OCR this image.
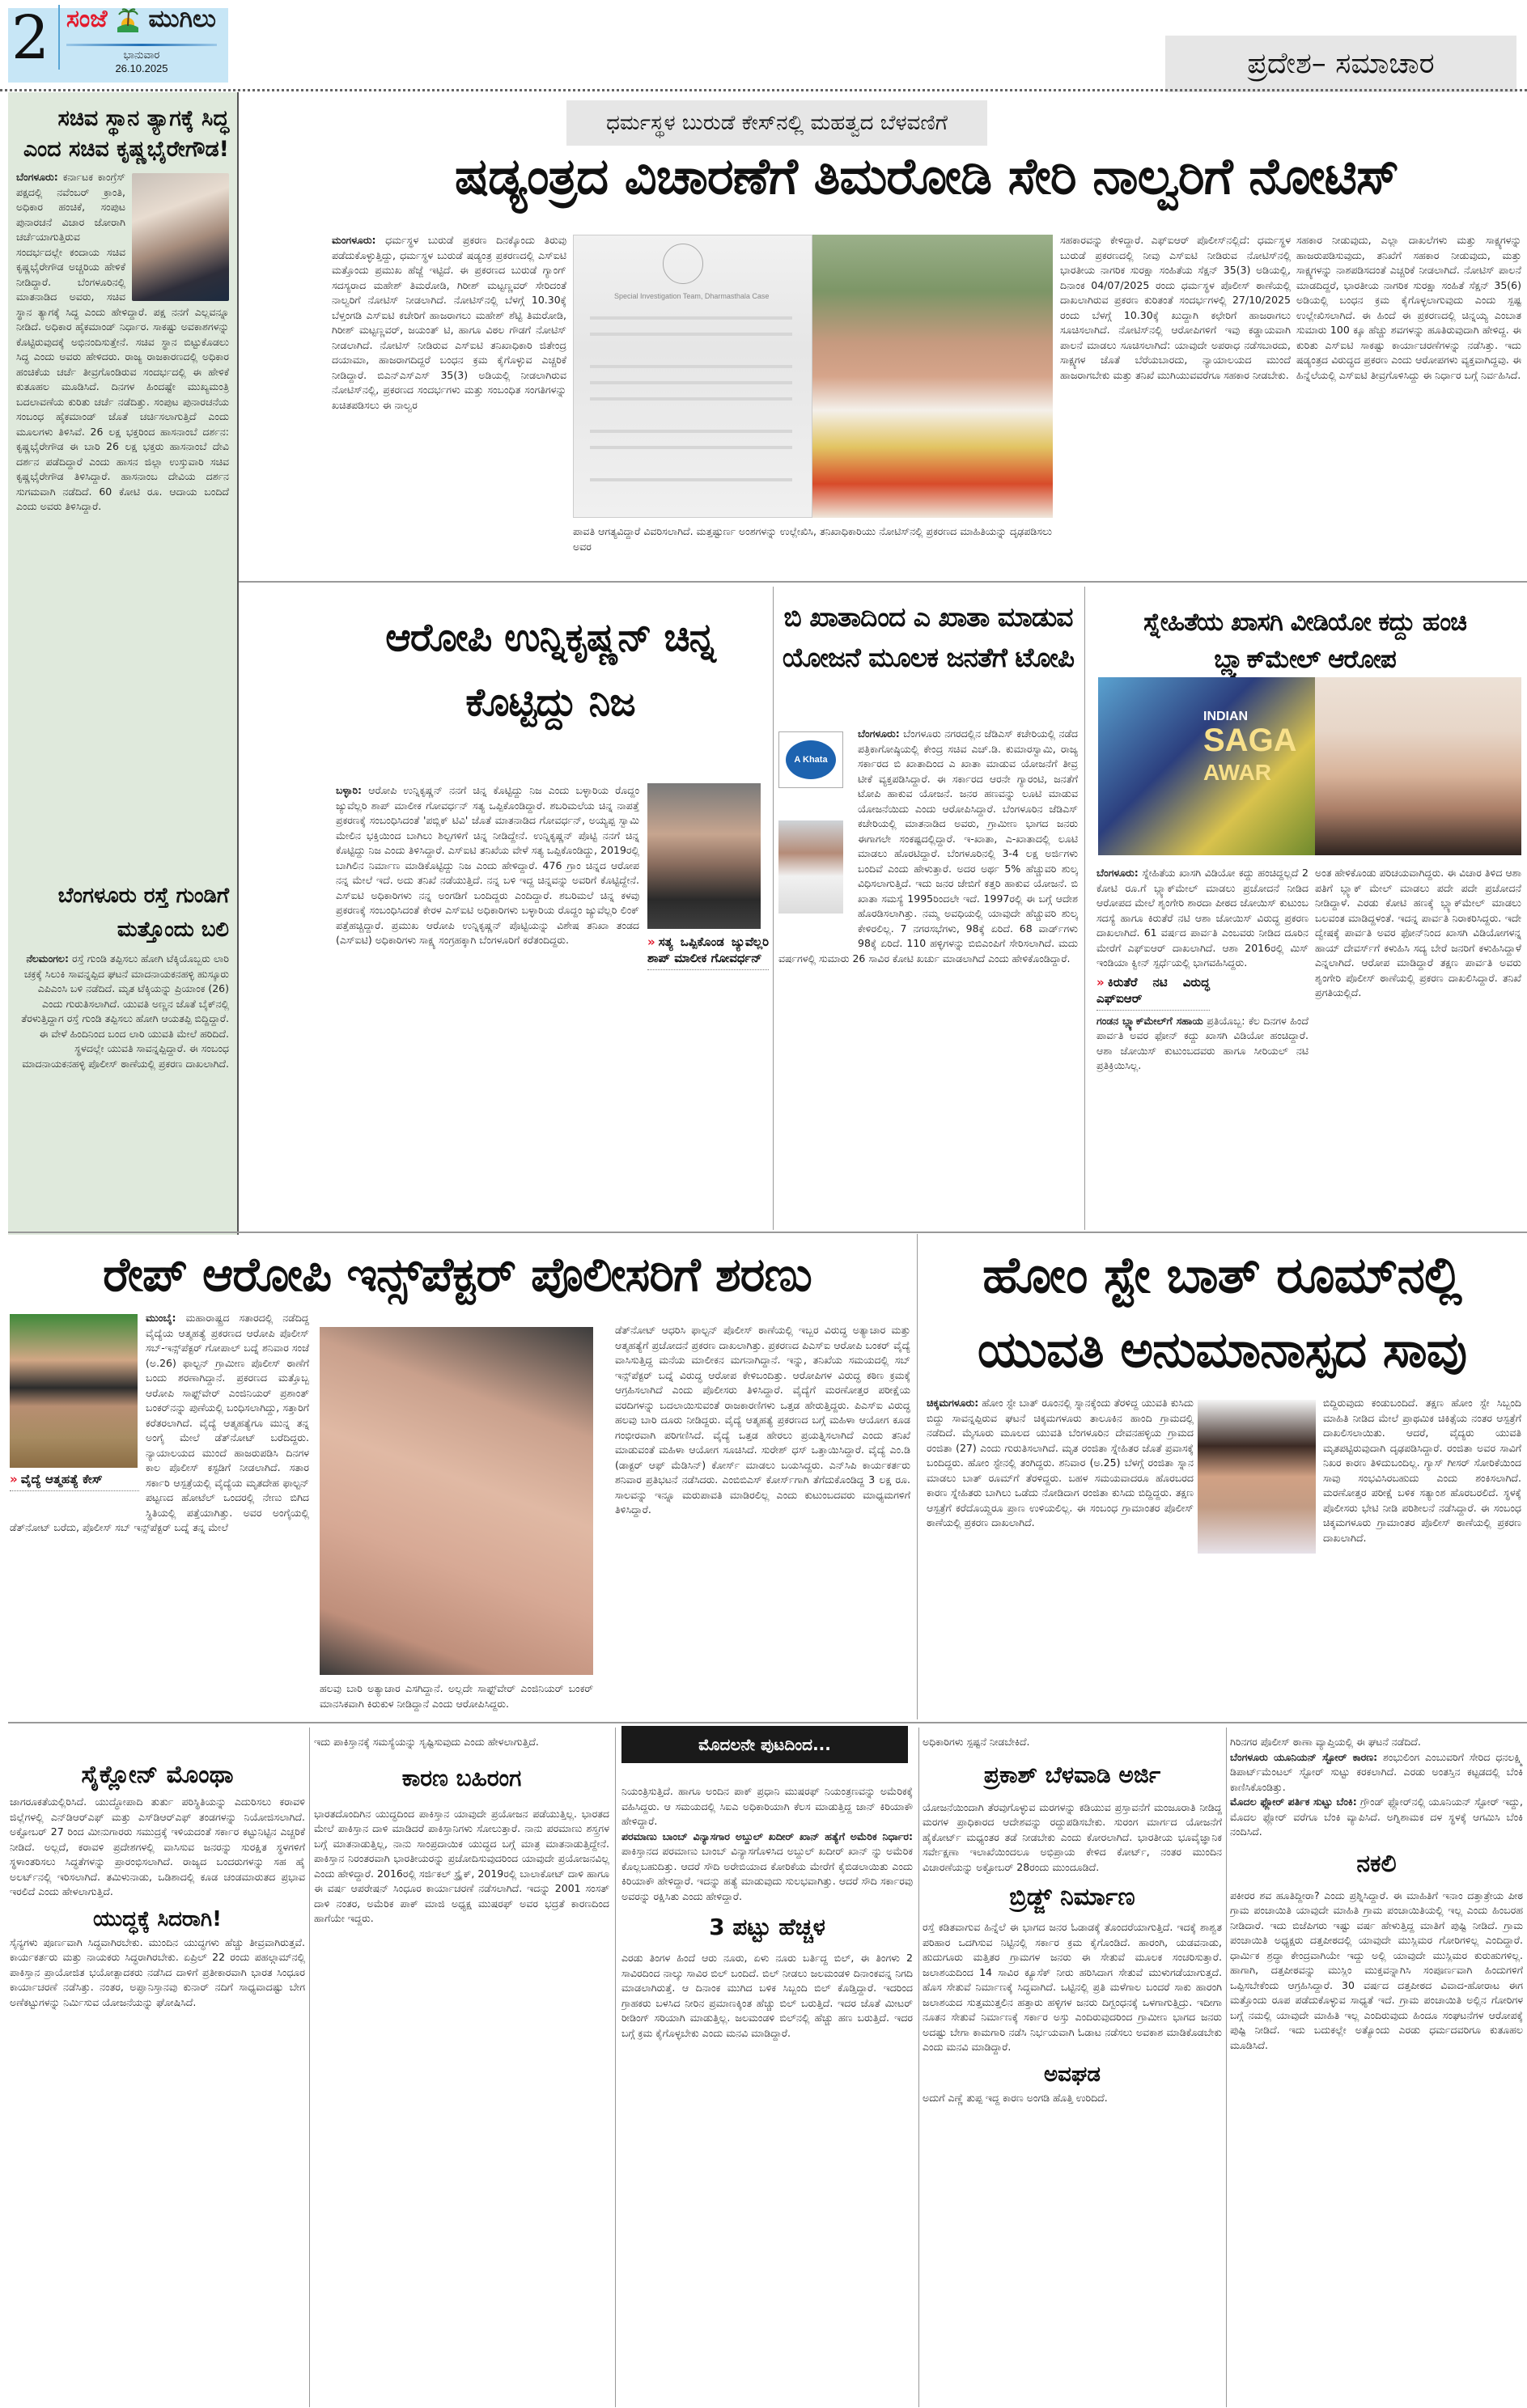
2 ಸಂಜೆ ಮುಗಿಲು
ಭಾನುವಾರ
26.10.2025	ಪ್ರದೇಶ– ಸಮಾಚಾರ
ಸಚಿವ ಸ್ಥಾನ ತ್ಯಾಗಕ್ಕೆ ಸಿದ್ಧ ಎಂದ ಸಚಿವ ಕೃಷ್ಣಭೈರೇಗೌಡ!
ಬೆಂಗಳೂರು: ಕರ್ನಾಟಕ ಕಾಂಗ್ರೆಸ್ ಪಕ್ಷದಲ್ಲಿ ನವೆಂಬರ್ ಕ್ರಾಂತಿ, ಅಧಿಕಾರ ಹಂಚಿಕೆ, ಸಂಪುಟ ಪುನಾರಚನೆ ವಿಚಾರ ಜೋರಾಗಿ ಚರ್ಚೆಯಾಗುತ್ತಿರುವ ಸಂದರ್ಭದಲ್ಲೇ ಕಂದಾಯ ಸಚಿವ ಕೃಷ್ಣಭೈರೇಗೌಡ ಅಚ್ಚರಿಯ ಹೇಳಿಕೆ ನೀಡಿದ್ದಾರೆ. ಬೆಂಗಳೂರಿನಲ್ಲಿ ಮಾತನಾಡಿದ ಅವರು, ಸಚಿವ ಸ್ಥಾನ ತ್ಯಾಗಕ್ಕೆ ಸಿದ್ಧ ಎಂದು ಹೇಳಿದ್ದಾರೆ. ಪಕ್ಷ ನನಗೆ ಎಲ್ಲವನ್ನೂ ನೀಡಿದೆ. ಅಧಿಕಾರ ಹೈಕಮಾಂಡ್ ನಿರ್ಧಾರ. ಸಾಕಷ್ಟು ಅವಕಾಶಗಳನ್ನು ಕೊಟ್ಟಿರುವುದಕ್ಕೆ ಅಭಿನಂದಿಸುತ್ತೇನೆ. ಸಚಿವ ಸ್ಥಾನ ಬಿಟ್ಟುಕೊಡಲು ಸಿದ್ಧ ಎಂದು ಅವರು ಹೇಳಿದರು. ರಾಜ್ಯ ರಾಜಕಾರಣದಲ್ಲಿ ಅಧಿಕಾರ ಹಂಚಿಕೆಯ ಚರ್ಚೆ ತೀವ್ರಗೊಂಡಿರುವ ಸಂದರ್ಭದಲ್ಲಿ ಈ ಹೇಳಿಕೆ ಕುತೂಹಲ ಮೂಡಿಸಿದೆ. ದಿನಗಳ ಹಿಂದಷ್ಟೇ ಮುಖ್ಯಮಂತ್ರಿ ಬದಲಾವಣೆಯ ಕುರಿತು ಚರ್ಚೆ ನಡೆದಿತ್ತು. ಸಂಪುಟ ಪುನಾರಚನೆಯ ಸಂಬಂಧ ಹೈಕಮಾಂಡ್ ಜೊತೆ ಚರ್ಚಿಸಲಾಗುತ್ತಿದೆ ಎಂದು ಮೂಲಗಳು ತಿಳಿಸಿವೆ. 26 ಲಕ್ಷ ಭಕ್ತರಿಂದ ಹಾಸನಾಂಬೆ ದರ್ಶನ: ಕೃಷ್ಣಭೈರೇಗೌಡ ಈ ಬಾರಿ 26 ಲಕ್ಷ ಭಕ್ತರು ಹಾಸನಾಂಬೆ ದೇವಿ ದರ್ಶನ ಪಡೆದಿದ್ದಾರೆ ಎಂದು ಹಾಸನ ಜಿಲ್ಲಾ ಉಸ್ತುವಾರಿ ಸಚಿವ ಕೃಷ್ಣಭೈರೇಗೌಡ ತಿಳಿಸಿದ್ದಾರೆ. ಹಾಸನಾಂಬ ದೇವಿಯ ದರ್ಶನ ಸುಗಮವಾಗಿ ನಡೆದಿದೆ. 60 ಕೋಟಿ ರೂ. ಆದಾಯ ಬಂದಿದೆ ಎಂದು ಅವರು ತಿಳಿಸಿದ್ದಾರೆ.
ಬೆಂಗಳೂರು ರಸ್ತೆ ಗುಂಡಿಗೆ ಮತ್ತೊಂದು ಬಲಿ
ನೆಲಮಂಗಲ: ರಸ್ತೆ ಗುಂಡಿ ತಪ್ಪಿಸಲು ಹೋಗಿ ಟೆಕ್ಕಿಯೊಬ್ಬರು ಲಾರಿ ಚಕ್ರಕ್ಕೆ ಸಿಲುಕಿ ಸಾವನ್ನಪ್ಪಿದ ಘಟನೆ ಮಾದನಾಯಕನಹಳ್ಳಿ ಹುಸ್ಕೂರು ಎಪಿಎಂಸಿ ಬಳಿ ನಡೆದಿದೆ. ಮೃತ ಟೆಕ್ಕಿಯನ್ನು ಪ್ರಿಯಾಂಕ (26) ಎಂದು ಗುರುತಿಸಲಾಗಿದೆ. ಯುವತಿ ಅಣ್ಣನ ಜೊತೆ ಬೈಕ್‌ನಲ್ಲಿ ತೆರಳುತ್ತಿದ್ದಾಗ ರಸ್ತೆ ಗುಂಡಿ ತಪ್ಪಿಸಲು ಹೋಗಿ ಆಯತಪ್ಪಿ ಬಿದ್ದಿದ್ದಾರೆ. ಈ ವೇಳೆ ಹಿಂದಿನಿಂದ ಬಂದ ಲಾರಿ ಯುವತಿ ಮೇಲೆ ಹರಿದಿದೆ. ಸ್ಥಳದಲ್ಲೇ ಯುವತಿ ಸಾವನ್ನಪ್ಪಿದ್ದಾರೆ. ಈ ಸಂಬಂಧ ಮಾದನಾಯಕನಹಳ್ಳಿ ಪೊಲೀಸ್ ಠಾಣೆಯಲ್ಲಿ ಪ್ರಕರಣ ದಾಖಲಾಗಿದೆ.
ಧರ್ಮಸ್ಥಳ ಬುರುಡೆ ಕೇಸ್‌ನಲ್ಲಿ ಮಹತ್ವದ ಬೆಳವಣಿಗೆ
ಷಡ್ಯಂತ್ರದ ವಿಚಾರಣೆಗೆ ತಿಮರೋಡಿ ಸೇರಿ ನಾಲ್ವರಿಗೆ ನೋಟಿಸ್
ಮಂಗಳೂರು: ಧರ್ಮಸ್ಥಳ ಬುರುಡೆ ಪ್ರಕರಣ ದಿನಕ್ಕೊಂದು ತಿರುವು ಪಡೆದುಕೊಳ್ಳುತ್ತಿದ್ದು, ಧರ್ಮಸ್ಥಳ ಬುರುಡೆ ಷಡ್ಯಂತ್ರ ಪ್ರಕರಣದಲ್ಲಿ ಎಸ್‌ಐಟಿ ಮತ್ತೊಂದು ಪ್ರಮುಖ ಹೆಜ್ಜೆ ಇಟ್ಟಿದೆ. ಈ ಪ್ರಕರಣದ ಬುರುಡೆ ಗ್ಯಾಂಗ್ ಸದಸ್ಯರಾದ ಮಹೇಶ್ ತಿಮರೋಡಿ, ಗಿರೀಶ್ ಮಟ್ಟಣ್ಣವರ್ ಸೇರಿದಂತೆ ನಾಲ್ವರಿಗೆ ನೋಟಿಸ್ ನೀಡಲಾಗಿದೆ. ನೋಟಿಸ್‌ನಲ್ಲಿ ಬೆಳಗ್ಗೆ 10.30ಕ್ಕೆ ಬೆಳ್ತಂಗಡಿ ಎಸ್‌ಐಟಿ ಕಚೇರಿಗೆ ಹಾಜರಾಗಲು ಮಹೇಶ್ ಶೆಟ್ಟಿ ತಿಮರೋಡಿ, ಗಿರೀಶ್ ಮಟ್ಟಣ್ಣವರ್, ಜಯಂತ್ ಟಿ, ಹಾಗೂ ವಿಠಲ ಗೌಡಗೆ ನೋಟಿಸ್ ನೀಡಲಾಗಿದೆ. ನೋಟಿಸ್ ನೀಡಿರುವ ಎಸ್‌ಐಟಿ ತನಿಖಾಧಿಕಾರಿ ಜಿತೇಂದ್ರ ದಯಾಮಾ, ಹಾಜರಾಗದಿದ್ದರೆ ಬಂಧನ ಕ್ರಮ ಕೈಗೊಳ್ಳುವ ಎಚ್ಚರಿಕೆ ನೀಡಿದ್ದಾರೆ. ಬಿಎನ್‌ಎಸ್‌ಎಸ್ 35(3) ಅಡಿಯಲ್ಲಿ ನೀಡಲಾಗಿರುವ ನೋಟಿಸ್‌ನಲ್ಲಿ, ಪ್ರಕರಣದ ಸಂದರ್ಭಗಳು ಮತ್ತು ಸಂಬಂಧಿತ ಸಂಗತಿಗಳನ್ನು ಖಚಿತಪಡಿಸಲು ಈ ನಾಲ್ವರ
Special Investigation Team, Dharmasthala Case
ಪಾವತಿ ಆಗತ್ಯವಿದ್ದಾರೆ ವಿವರಿಸಲಾಗಿದೆ. ಮತ್ತಷ್ಟುರ್ಣ ಅಂಶಗಳನ್ನು ಉಲ್ಲೇಖಿಸಿ, ತನಿಖಾಧಿಕಾರಿಯು ನೋಟಿಸ್‌ನಲ್ಲಿ ಪ್ರಕರಣದ ಮಾಹಿತಿಯನ್ನು ದೃಢಪಡಿಸಲು ಅವರ
ಸಹಕಾರವನ್ನು ಕೇಳಿದ್ದಾರೆ. ಎಫ್‌ಐಆರ್ ಪೊಲೀಸ್‌ನಲ್ಲಿದೆ: ಧರ್ಮಸ್ಥಳ ಬುರುಡೆ ಪ್ರಕರಣದಲ್ಲಿ ನೀವು ಎಸ್‌ಐಟಿ ನೀಡಿರುವ ನೋಟಿಸ್‌ನಲ್ಲಿ ಭಾರತೀಯ ನಾಗರಿಕ ಸುರಕ್ಷಾ ಸಂಹಿತೆಯ ಸೆಕ್ಷನ್ 35(3) ಅಡಿಯಲ್ಲಿ, ದಿನಾಂಕ 04/07/2025 ರಂದು ಧರ್ಮಸ್ಥಳ ಪೊಲೀಸ್ ಠಾಣೆಯಲ್ಲಿ ದಾಖಲಾಗಿರುವ ಪ್ರಕರಣ ಕುರಿತಂತೆ ಸಂದರ್ಭಗಳಲ್ಲಿ 27/10/2025 ರಂದು ಬೆಳಗ್ಗೆ 10.30ಕ್ಕೆ ಖುದ್ದಾಗಿ ಕಛೇರಿಗೆ ಹಾಜರಾಗಲು ಸೂಚಿಸಲಾಗಿದೆ. ನೋಟಿಸ್‌ನಲ್ಲಿ ಆರೋಪಿಗಳಿಗೆ ಇವು ಕಡ್ಡಾಯವಾಗಿ ಪಾಲನೆ ಮಾಡಲು ಸೂಚಿಸಲಾಗಿದೆ: ಯಾವುದೇ ಅಪರಾಧ ನಡೆಸಬಾರದು, ಸಾಕ್ಷ್ಯಗಳ ಜೊತೆ ಬೆರೆಯಬಾರದು, ನ್ಯಾಯಾಲಯದ ಮುಂದೆ ಹಾಜರಾಗಬೇಕು ಮತ್ತು ತನಿಖೆ ಮುಗಿಯುವವರೆಗೂ ಸಹಕಾರ ನೀಡಬೇಕು.
ಸಹಕಾರ ನೀಡುವುದು, ಎಲ್ಲಾ ದಾಖಲೆಗಳು ಮತ್ತು ಸಾಕ್ಷ್ಯಗಳನ್ನು ಹಾಜರುಪಡಿಸುವುದು, ತನಿಖೆಗೆ ಸಹಕಾರ ನೀಡುವುದು, ಮತ್ತು ಸಾಕ್ಷ್ಯಗಳನ್ನು ನಾಶಪಡಿಸದಂತೆ ಎಚ್ಚರಿಕೆ ನೀಡಲಾಗಿದೆ. ನೋಟಿಸ್ ಪಾಲನೆ ಮಾಡದಿದ್ದರೆ, ಭಾರತೀಯ ನಾಗರಿಕ ಸುರಕ್ಷಾ ಸಂಹಿತೆ ಸೆಕ್ಷನ್ 35(6) ಅಡಿಯಲ್ಲಿ ಬಂಧನ ಕ್ರಮ ಕೈಗೊಳ್ಳಲಾಗುವುದು ಎಂದು ಸ್ಪಷ್ಟ ಉಲ್ಲೇಖಿಸಲಾಗಿದೆ. ಈ ಹಿಂದೆ ಈ ಪ್ರಕರಣದಲ್ಲಿ ಚಿನ್ನಯ್ಯ ಎಂಬಾತ ಸುಮಾರು 100 ಕ್ಕೂ ಹೆಚ್ಚು ಶವಗಳನ್ನು ಹೂತಿರುವುದಾಗಿ ಹೇಳಿದ್ದ. ಈ ಕುರಿತು ಎಸ್‌ಐಟಿ ಸಾಕಷ್ಟು ಕಾರ್ಯಾಚರಣೆಗಳನ್ನು ನಡೆಸಿತ್ತು. ಇದು ಷಡ್ಯಂತ್ರದ ವಿರುದ್ಧದ ಪ್ರಕರಣ ಎಂದು ಆರೋಪಗಳು ವ್ಯಕ್ತವಾಗಿದ್ದವು. ಈ ಹಿನ್ನೆಲೆಯಲ್ಲಿ ಎಸ್‌ಐಟಿ ತೀವ್ರಗೊಳಿಸಿದ್ದು ಈ ನಿರ್ಧಾರ ಬಗ್ಗೆ ನಿರ್ವಹಿಸಿದೆ.
ಆರೋಪಿ ಉನ್ನಿಕೃಷ್ಣನ್ ಚಿನ್ನ ಕೊಟ್ಟಿದ್ದು ನಿಜ
» ಸತ್ಯ ಒಪ್ಪಿಕೊಂಡ ಜ್ಯುವೆಲ್ಲರಿ ಶಾಪ್ ಮಾಲೀಕ ಗೋವರ್ಧನ್
ಬಳ್ಳಾರಿ: ಆರೋಪಿ ಉನ್ನಿಕೃಷ್ಣನ್ ನನಗೆ ಚಿನ್ನ ಕೊಟ್ಟಿದ್ದು ನಿಜ ಎಂದು ಬಳ್ಳಾರಿಯ ರೊದ್ದಂ ಜ್ಯುವೆಲ್ಲರಿ ಶಾಪ್ ಮಾಲೀಕ ಗೋವರ್ಧನ್ ಸತ್ಯ ಒಪ್ಪಿಕೊಂಡಿದ್ದಾರೆ. ಶಬರಿಮಲೆಯ ಚಿನ್ನ ನಾಪತ್ತೆ ಪ್ರಕರಣಕ್ಕೆ ಸಂಬಂಧಿಸಿದಂತೆ 'ಪಬ್ಲಿಕ್ ಟಿವಿ' ಜೊತೆ ಮಾತನಾಡಿದ ಗೋವರ್ಧನ್, ಅಯ್ಯಪ್ಪ ಸ್ವಾಮಿ ಮೇಲಿನ ಭಕ್ತಿಯಿಂದ ಬಾಗಿಲು ಶಿಲ್ಪಗಳಿಗೆ ಚಿನ್ನ ನೀಡಿದ್ದೇನೆ. ಉನ್ನಿಕೃಷ್ಣನ್ ಪೊಟ್ಟಿ ನನಗೆ ಚಿನ್ನ ಕೊಟ್ಟಿದ್ದು ನಿಜ ಎಂದು ತಿಳಿಸಿದ್ದಾರೆ. ಎಸ್‌ಐಟಿ ತನಿಖೆಯ ವೇಳೆ ಸತ್ಯ ಒಪ್ಪಿಕೊಂಡಿದ್ದು, 2019ರಲ್ಲಿ ಬಾಗಿಲಿನ ನಿರ್ಮಾಣ ಮಾಡಿಕೊಟ್ಟಿದ್ದು ನಿಜ ಎಂದು ಹೇಳಿದ್ದಾರೆ. 476 ಗ್ರಾಂ ಚಿನ್ನದ ಆರೋಪ ನನ್ನ ಮೇಲೆ ಇದೆ. ಅದು ತನಿಖೆ ನಡೆಯುತ್ತಿದೆ. ನನ್ನ ಬಳಿ ಇದ್ದ ಚಿನ್ನವನ್ನು ಅವರಿಗೆ ಕೊಟ್ಟಿದ್ದೇನೆ. ಎಸ್‌ಐಟಿ ಅಧಿಕಾರಿಗಳು ನನ್ನ ಅಂಗಡಿಗೆ ಬಂದಿದ್ದರು ಎಂದಿದ್ದಾರೆ. ಶಬರಿಮಲೆ ಚಿನ್ನ ಕಳವು ಪ್ರಕರಣಕ್ಕೆ ಸಂಬಂಧಿಸಿದಂತೆ ಕೇರಳ ಎಸ್‌ಐಟಿ ಅಧಿಕಾರಿಗಳು ಬಳ್ಳಾರಿಯ ರೊದ್ದಂ ಜ್ಯುವೆಲ್ಲರಿ ಲಿಂಕ್ ಪತ್ತೆಹಚ್ಚಿದ್ದಾರೆ. ಪ್ರಮುಖ ಆರೋಪಿ ಉನ್ನಿಕೃಷ್ಣನ್ ಪೊಟ್ಟಿಯನ್ನು ವಿಶೇಷ ತನಿಖಾ ತಂಡದ (ಎಸ್‌ಐಟಿ) ಅಧಿಕಾರಿಗಳು ಸಾಕ್ಷ್ಯ ಸಂಗ್ರಹಕ್ಕಾಗಿ ಬೆಂಗಳೂರಿಗೆ ಕರೆತಂದಿದ್ದರು.
ಬಿ ಖಾತಾದಿಂದ ಎ ಖಾತಾ ಮಾಡುವ ಯೋಜನೆ ಮೂಲಕ ಜನತೆಗೆ ಟೋಪಿ
ಬೆಂಗಳೂರು:
A Khata
ಬೆಂಗಳೂರು ನಗರದಲ್ಲಿನ ಜೆಡಿಎಸ್ ಕಚೇರಿಯಲ್ಲಿ ನಡೆದ ಪತ್ರಿಕಾಗೋಷ್ಠಿಯಲ್ಲಿ ಕೇಂದ್ರ ಸಚಿವ ಎಚ್.ಡಿ. ಕುಮಾರಸ್ವಾಮಿ, ರಾಜ್ಯ ಸರ್ಕಾರದ ಬಿ ಖಾತಾದಿಂದ ಎ ಖಾತಾ ಮಾಡುವ ಯೋಜನೆಗೆ ತೀವ್ರ ಟೀಕೆ ವ್ಯಕ್ತಪಡಿಸಿದ್ದಾರೆ. ಈ ಸರ್ಕಾರದ ಆರನೇ ಗ್ಯಾರಂಟಿ, ಜನತೆಗೆ ಟೋಪಿ ಹಾಕುವ ಯೋಜನೆ. ಜನರ ಹಣವನ್ನು ಲೂಟಿ ಮಾಡುವ ಯೋಜನೆಯಿದು ಎಂದು ಆರೋಪಿಸಿದ್ದಾರೆ. ಬೆಂಗಳೂರಿನ ಜೆಡಿಎಸ್ ಕಚೇರಿಯಲ್ಲಿ ಮಾತನಾಡಿದ ಅವರು, ಗ್ರಾಮೀಣ ಭಾಗದ ಜನರು ಈಗಾಗಲೇ ಸಂಕಷ್ಟದಲ್ಲಿದ್ದಾರೆ. ಇ-ಖಾತಾ, ಎ-ಖಾತಾದಲ್ಲಿ ಲೂಟಿ ಮಾಡಲು ಹೊರಟಿದ್ದಾರೆ. ಬೆಂಗಳೂರಿನಲ್ಲಿ 3-4 ಲಕ್ಷ ಅರ್ಜಿಗಳು ಬಂದಿವೆ ಎಂದು ಹೇಳುತ್ತಾರೆ. ಅದರ ಅರ್ಥ 5% ಹೆಚ್ಚುವರಿ ಶುಲ್ಕ ವಿಧಿಸಲಾಗುತ್ತಿದೆ. ಇದು ಜನರ ಜೇಬಿಗೆ ಕತ್ತರಿ ಹಾಕುವ ಯೋಜನೆ. ಬಿ ಖಾತಾ ಸಮಸ್ಯೆ 1995ರಿಂದಲೇ ಇದೆ. 1997ರಲ್ಲಿ ಈ ಬಗ್ಗೆ ಆದೇಶ ಹೊರಡಿಸಲಾಗಿತ್ತು. ನಮ್ಮ ಅವಧಿಯಲ್ಲಿ ಯಾವುದೇ ಹೆಚ್ಚುವರಿ ಶುಲ್ಕ ಕೇಳಿರಲಿಲ್ಲ. 7 ನಗರಸಭೆಗಳು, 98ಕ್ಕೆ ಏರಿದೆ. 68 ವಾರ್ಡ್‌ಗಳು 98ಕ್ಕೆ ಏರಿದೆ. 110 ಹಳ್ಳಿಗಳನ್ನು ಬಿಬಿಎಂಪಿಗೆ ಸೇರಿಸಲಾಗಿದೆ. ಮದು ವರ್ಷಗಳಲ್ಲಿ ಸುಮಾರು 26 ಸಾವಿರ ಕೋಟಿ ಖರ್ಚು ಮಾಡಲಾಗಿದೆ ಎಂದು ಹೇಳಿಕೊಂಡಿದ್ದಾರೆ.
ಸ್ನೇಹಿತೆಯ ಖಾಸಗಿ ವೀಡಿಯೋ ಕದ್ದು ಹಂಚಿ ಬ್ಲ್ಯಾಕ್‌ಮೇಲ್ ಆರೋಪ
INDIAN
SAGA
AWAR
ಬೆಂಗಳೂರು: ಸ್ನೇಹಿತೆಯ ಖಾಸಗಿ ವಿಡಿಯೋ ಕದ್ದು ಹಂಚಿದ್ದಲ್ಲದೆ 2 ಕೋಟಿ ರೂ.ಗೆ ಬ್ಲ್ಯಾಕ್‌ಮೇಲ್ ಮಾಡಲು ಪ್ರಚೋದನೆ ನೀಡಿದ ಆರೋಪದ ಮೇಲೆ ಶೃಂಗೇರಿ ಶಾರದಾ ಪೀಠದ ಜೋಯಿಸ್ ಕುಟುಂಬ ಸದಸ್ಯೆ ಹಾಗೂ ಕಿರುತೆರೆ ನಟಿ ಆಶಾ ಜೋಯಿಸ್ ವಿರುದ್ಧ ಪ್ರಕರಣ ದಾಖಲಾಗಿದೆ. 61 ವರ್ಷದ ಪಾರ್ವತಿ ಎಂಬವರು ನೀಡಿದ ದೂರಿನ ಮೇರೆಗೆ ಎಫ್‌ಐಆರ್ ದಾಖಲಾಗಿದೆ. ಆಶಾ 2016ರಲ್ಲಿ ಮಿಸ್ ಇಂಡಿಯಾ ಕ್ವೀನ್ ಸ್ಪರ್ಧೆಯಲ್ಲಿ ಭಾಗವಹಿಸಿದ್ದರು.
» ಕಿರುತೆರೆ ನಟಿ ವಿರುದ್ಧ ಎಫ್‌ಐಆರ್
ಗಂಡನ ಬ್ಲ್ಯಾಕ್‌ಮೇಲ್‌ಗೆ ಸಹಾಯ ಪ್ರತಿಯೊಬ್ಬ: ಕೆಲ ದಿನಗಳ ಹಿಂದೆ ಪಾರ್ವತಿ ಅವರ ಫೋನ್ ಕದ್ದು ಖಾಸಗಿ ವಿಡಿಯೋ ಹಂಚಿದ್ದಾರೆ. ಆಶಾ ಜೋಯಿಸ್ ಕುಟುಂಬದವರು ಹಾಗೂ ಸೀರಿಯಲ್ ನಟಿ ಪ್ರತಿಕ್ರಿಯಿಸಿಲ್ಲ.
ಅಂತ ಹೇಳಿಕೊಂಡು ಪರಿಚಯವಾಗಿದ್ದರು. ಈ ವಿಚಾರ ತಿಳಿದ ಆಶಾ ಪತಿಗೆ ಬ್ಲ್ಯಾಕ್ ಮೇಲ್ ಮಾಡಲು ಪದೇ ಪದೇ ಪ್ರಚೋದನೆ ನೀಡಿದ್ದಾಳೆ. ಎರಡು ಕೋಟಿ ಹಣಕ್ಕೆ ಬ್ಲ್ಯಾಕ್‌ಮೇಲ್ ಮಾಡಲು ಬಲವಂತ ಮಾಡಿದ್ದಳಂತೆ. ಇದನ್ನ ಪಾರ್ವತಿ ನಿರಾಕರಿಸಿದ್ದರು. ಇದೇ ದ್ವೇಷಕ್ಕೆ ಪಾರ್ವತಿ ಅವರ ಫೋನ್‌ನಿಂದ ಖಾಸಗಿ ವಿಡಿಯೋಗಳನ್ನ ಹಾಯ್ ದೇವರ್ಸ್‌ಗೆ ಕಳುಹಿಸಿ ಸದ್ಯ ಬೇರೆ ಜನರಿಗೆ ಕಳುಹಿಸಿದ್ದಾಳೆ ಎನ್ನಲಾಗಿದೆ. ಆರೋಪ ಮಾಡಿದ್ದಾರೆ ತಕ್ಷಣ ಪಾರ್ವತಿ ಅವರು ಶೃಂಗೇರಿ ಪೊಲೀಸ್ ಠಾಣೆಯಲ್ಲಿ ಪ್ರಕರಣ ದಾಖಲಿಸಿದ್ದಾರೆ. ತನಿಖೆ ಪ್ರಗತಿಯಲ್ಲಿದೆ.
ರೇಪ್ ಆರೋಪಿ ಇನ್ಸ್‌ಪೆಕ್ಟರ್ ಪೊಲೀಸರಿಗೆ ಶರಣು
» ವೈದ್ಯೆ ಆತ್ಮಹತ್ಯೆ ಕೇಸ್
ಮುಂಬೈ: ಮಹಾರಾಷ್ಟ್ರದ ಸತಾರದಲ್ಲಿ ನಡೆದಿದ್ದ ವೈದ್ಯೆಯ ಆತ್ಮಹತ್ಯೆ ಪ್ರಕರಣದ ಆರೋಪಿ ಪೊಲೀಸ್ ಸಬ್-ಇನ್ಸ್‌ಪೆಕ್ಟರ್ ಗೋಪಾಲ್ ಬದ್ನೆ ಶನಿವಾರ ಸಂಜೆ (ಅ.26) ಫಾಲ್ಟನ್ ಗ್ರಾಮೀಣ ಪೊಲೀಸ್ ಠಾಣೆಗೆ ಬಂದು ಶರಣಾಗಿದ್ದಾನೆ. ಪ್ರಕರಣದ ಮತ್ತೊಬ್ಬ ಆರೋಪಿ ಸಾಫ್ಟ್‌ವೇರ್ ಎಂಜಿನಿಯರ್ ಪ್ರಶಾಂತ್ ಬಂಕರ್‌ನನ್ನು ಪುಣೆಯಲ್ಲಿ ಬಂಧಿಸಲಾಗಿದ್ದು, ಸತ್ತಾರಿಗೆ ಕರೆತರಲಾಗಿದೆ. ವೈದ್ಯೆ ಆತ್ಮಹತ್ಯೆಗೂ ಮುನ್ನ ತನ್ನ ಅಂಗೈ ಮೇಲೆ ಡೆತ್‌ನೋಟ್ ಬರೆದಿದ್ದರು. ನ್ಯಾಯಾಲಯದ ಮುಂದೆ ಹಾಜರುಪಡಿಸಿ ದಿನಗಳ ಕಾಲ ಪೊಲೀಸ್ ಕಸ್ಟಡಿಗೆ ನೀಡಲಾಗಿದೆ. ಸತಾರ ಸರ್ಕಾರಿ ಆಸ್ಪತ್ರೆಯಲ್ಲಿ ವೈದ್ಯೆಯ ಮೃತದೇಹ ಫಾಲ್ಟನ್ ಪಟ್ಟಣದ ಹೋಟೆಲ್ ಒಂದರಲ್ಲಿ ನೇಣು ಬಿಗಿದ ಸ್ಥಿತಿಯಲ್ಲಿ ಪತ್ತೆಯಾಗಿತ್ತು. ಅವರ ಅಂಗೈಯಲ್ಲಿ ಡೆತ್‌ನೋಟ್ ಬರೆದು, ಪೊಲೀಸ್ ಸಬ್ ಇನ್ಸ್‌ಪೆಕ್ಟರ್ ಬದ್ನೆ ತನ್ನ ಮೇಲೆ
ಹಲವು ಬಾರಿ ಅತ್ಯಾಚಾರ ಎಸಗಿದ್ದಾನೆ. ಅಲ್ಲದೇ ಸಾಫ್ಟ್‌ವೇರ್ ಎಂಜಿನಿಯರ್ ಬಂಕರ್ ಮಾನಸಿಕವಾಗಿ ಕಿರುಕುಳ ನೀಡಿದ್ದಾನೆ ಎಂದು ಆರೋಪಿಸಿದ್ದರು.
ಡೆತ್‌ನೋಟ್ ಆಧರಿಸಿ ಫಾಲ್ಟನ್ ಪೊಲೀಸ್ ಠಾಣೆಯಲ್ಲಿ ಇಬ್ಬರ ವಿರುದ್ಧ ಅತ್ಯಾಚಾರ ಮತ್ತು ಆತ್ಮಹತ್ಯೆಗೆ ಪ್ರಚೋದನೆ ಪ್ರಕರಣ ದಾಖಲಾಗಿತ್ತು. ಪ್ರಕರಣದ ಪಿಎಸ್‌ಐ ಆರೋಪಿ ಬಂಕರ್ ವೈದ್ಯೆ ವಾಸಿಸುತ್ತಿದ್ದ ಮನೆಯ ಮಾಲೀಕನ ಮಗನಾಗಿದ್ದಾನೆ. ಇನ್ನು, ತನಿಖೆಯ ಸಮಯದಲ್ಲಿ ಸಬ್ ಇನ್ಸ್‌ಪೆಕ್ಟರ್ ಬದ್ನೆ ವಿರುದ್ಧ ಆರೋಪ ಕೇಳಿಬಂದಿತ್ತು. ಆರೋಪಿಗಳ ವಿರುದ್ಧ ಕಠಿಣ ಕ್ರಮಕ್ಕೆ ಆಗ್ರಹಿಸಲಾಗಿದೆ ಎಂದು ಪೊಲೀಸರು ತಿಳಿಸಿದ್ದಾರೆ. ವೈದ್ಯೆಗೆ ಮರಣೋತ್ತರ ಪರೀಕ್ಷೆಯ ವರದಿಗಳನ್ನು ಬದಲಾಯಿಸುವಂತೆ ರಾಜಕಾರಣಿಗಳು ಒತ್ತಡ ಹೇರುತ್ತಿದ್ದರು. ಪಿಎಸ್‌ಐ ವಿರುದ್ಧ ಹಲವು ಬಾರಿ ದೂರು ನೀಡಿದ್ದರು. ವೈದ್ಯೆ ಆತ್ಮಹತ್ಯೆ ಪ್ರಕರಣದ ಬಗ್ಗೆ ಮಹಿಳಾ ಆಯೋಗ ಕೂಡ ಗಂಭೀರವಾಗಿ ಪರಿಗಣಿಸಿದೆ. ವೈದ್ಯೆ ಒತ್ತಡ ಹೇರಲು ಪ್ರಯತ್ನಿಸಲಾಗಿದೆ ಎಂದು ತನಿಖೆ ಮಾಡುವಂತೆ ಮಹಿಳಾ ಆಯೋಗ ಸೂಚಿಸಿದೆ. ಸುರೇಶ್ ಧಸ್ ಒತ್ತಾಯಿಸಿದ್ದಾರೆ. ವೈದ್ಯೆ ಎಂ.ಡಿ (ಡಾಕ್ಟರ್ ಆಫ್ ಮೆಡಿಸಿನ್) ಕೋರ್ಸ್ ಮಾಡಲು ಬಯಸಿದ್ದರು. ಎನ್‌ಸಿಪಿ ಕಾರ್ಯಕರ್ತರು ಶನಿವಾರ ಪ್ರತಿಭಟನೆ ನಡೆಸಿದರು. ಎಂಬಿಬಿಎಸ್ ಕೋರ್ಸ್‌ಗಾಗಿ ತೆಗೆದುಕೊಂಡಿದ್ದ 3 ಲಕ್ಷ ರೂ. ಸಾಲವನ್ನು ಇನ್ನೂ ಮರುಪಾವತಿ ಮಾಡಿರಲಿಲ್ಲ ಎಂದು ಕುಟುಂಬದವರು ಮಾಧ್ಯಮಗಳಿಗೆ ತಿಳಿಸಿದ್ದಾರೆ.
ಹೋಂ ಸ್ಟೇ ಬಾತ್ ರೂಮ್‌ನಲ್ಲಿ ಯುವತಿ ಅನುಮಾನಾಸ್ಪದ ಸಾವು
ಚಿಕ್ಕಮಗಳೂರು: ಹೋಂ ಸ್ಟೇ ಬಾತ್ ರೂಂನಲ್ಲಿ ಸ್ನಾನಕ್ಕೆಂದು ತೆರಳಿದ್ದ ಯುವತಿ ಕುಸಿದು ಬಿದ್ದು ಸಾವನ್ನಪ್ಪಿರುವ ಘಟನೆ ಚಿಕ್ಕಮಗಳೂರು ತಾಲೂಕಿನ ಹಾಂದಿ ಗ್ರಾಮದಲ್ಲಿ ನಡೆದಿದೆ. ಮೈಸೂರು ಮೂಲದ ಯುವತಿ ಬೆಂಗಳೂರಿನ ದೇವನಹಳ್ಳಿಯ ಗ್ರಾಮದ ರಂಜಿತಾ (27) ಎಂದು ಗುರುತಿಸಲಾಗಿದೆ. ಮೃತ ರಂಜಿತಾ ಸ್ನೇಹಿತರ ಜೊತೆ ಪ್ರವಾಸಕ್ಕೆ ಬಂದಿದ್ದರು. ಹೋಂ ಸ್ಟೇನಲ್ಲಿ ತಂಗಿದ್ದರು. ಶನಿವಾರ (ಅ.25) ಬೆಳಗ್ಗೆ ರಂಜಿತಾ ಸ್ನಾನ ಮಾಡಲು ಬಾತ್ ರೂಮ್‌ಗೆ ತೆರಳಿದ್ದರು. ಬಹಳ ಸಮಯವಾದರೂ ಹೊರಬರದ ಕಾರಣ ಸ್ನೇಹಿತರು ಬಾಗಿಲು ಒಡೆದು ನೋಡಿದಾಗ ರಂಜಿತಾ ಕುಸಿದು ಬಿದ್ದಿದ್ದರು. ತಕ್ಷಣ ಆಸ್ಪತ್ರೆಗೆ ಕರೆದೊಯ್ದರೂ ಪ್ರಾಣ ಉಳಿಯಲಿಲ್ಲ. ಈ ಸಂಬಂಧ ಗ್ರಾಮಾಂತರ ಪೊಲೀಸ್ ಠಾಣೆಯಲ್ಲಿ ಪ್ರಕರಣ ದಾಖಲಾಗಿದೆ.
ಬಿದ್ದಿರುವುದು ಕಂಡುಬಂದಿದೆ. ತಕ್ಷಣ ಹೋಂ ಸ್ಟೇ ಸಿಬ್ಬಂದಿ ಮಾಹಿತಿ ನೀಡಿದ ಮೇಲೆ ಪ್ರಾಥಮಿಕ ಚಿಕಿತ್ಸೆಯ ನಂತರ ಆಸ್ಪತ್ರೆಗೆ ದಾಖಲಿಸಲಾಯಿತು. ಆದರೆ, ವೈದ್ಯರು ಯುವತಿ ಮೃತಪಟ್ಟಿರುವುದಾಗಿ ದೃಢಪಡಿಸಿದ್ದಾರೆ. ರಂಜಿತಾ ಅವರ ಸಾವಿಗೆ ನಿಖರ ಕಾರಣ ತಿಳಿದುಬಂದಿಲ್ಲ. ಗ್ಯಾಸ್ ಗೀಸರ್ ಸೋರಿಕೆಯಿಂದ ಸಾವು ಸಂಭವಿಸಿರಬಹುದು ಎಂದು ಶಂಕಿಸಲಾಗಿದೆ. ಮರಣೋತ್ತರ ಪರೀಕ್ಷೆ ಬಳಿಕ ಸತ್ಯಾಂಶ ಹೊರಬರಲಿದೆ. ಸ್ಥಳಕ್ಕೆ ಪೊಲೀಸರು ಭೇಟಿ ನೀಡಿ ಪರಿಶೀಲನೆ ನಡೆಸಿದ್ದಾರೆ. ಈ ಸಂಬಂಧ ಚಿಕ್ಕಮಗಳೂರು ಗ್ರಾಮಾಂತರ ಪೊಲೀಸ್ ಠಾಣೆಯಲ್ಲಿ ಪ್ರಕರಣ ದಾಖಲಾಗಿದೆ.
ಸೈಕ್ಲೋನ್ ಮೊಂಥಾ
ಜಾಗರೂಕತೆಯಲ್ಲಿರಿಸಿದೆ. ಯುದ್ಧೋಪಾದಿ ತುರ್ತು ಪರಿಸ್ಥಿತಿಯನ್ನು ಎದುರಿಸಲು ಕರಾವಳಿ ಜಿಲ್ಲೆಗಳಲ್ಲಿ ಎನ್‌ಡಿಆರ್‌ಎಫ್ ಮತ್ತು ಎಸ್‌ಡಿಆರ್‌ಎಫ್ ತಂಡಗಳನ್ನು ನಿಯೋಜಿಸಲಾಗಿದೆ. ಅಕ್ಟೋಬರ್ 27 ರಿಂದ ಮೀನುಗಾರರು ಸಮುದ್ರಕ್ಕೆ ಇಳಿಯದಂತೆ ಸರ್ಕಾರ ಕಟ್ಟುನಿಟ್ಟಿನ ಎಚ್ಚರಿಕೆ ನೀಡಿದೆ. ಅಲ್ಲದೆ, ಕರಾವಳಿ ಪ್ರದೇಶಗಳಲ್ಲಿ ವಾಸಿಸುವ ಜನರನ್ನು ಸುರಕ್ಷಿತ ಸ್ಥಳಗಳಿಗೆ ಸ್ಥಳಾಂತರಿಸಲು ಸಿದ್ಧತೆಗಳನ್ನು ಪ್ರಾರಂಭಿಸಲಾಗಿದೆ. ರಾಜ್ಯದ ಬಂದರುಗಳನ್ನು ಸಹ ಹೈ ಅಲರ್ಟ್‌ನಲ್ಲಿ ಇರಿಸಲಾಗಿದೆ. ತಮಿಳುನಾಡು, ಒಡಿಶಾದಲ್ಲಿ ಕೂಡ ಚಂಡಮಾರುತದ ಪ್ರಭಾವ ಇರಲಿದೆ ಎಂದು ಹೇಳಲಾಗುತ್ತಿದೆ.
ಯುದ್ಧಕ್ಕೆ ಸಿದರಾಗಿ!
ಸೈನ್ಯಗಳು ಪೂರ್ಣವಾಗಿ ಸಿದ್ಧವಾಗಿರಬೇಕು. ಮುಂದಿನ ಯುದ್ಧಗಳು ಹೆಚ್ಚು ತೀವ್ರವಾಗಿರುತ್ತವೆ. ಕಾರ್ಯಕರ್ತರು ಮತ್ತು ನಾಯಕರು ಸಿದ್ಧರಾಗಿರಬೇಕು. ಏಪ್ರಿಲ್ 22 ರಂದು ಪಹಲ್ಗಾಮ್‌ನಲ್ಲಿ ಪಾಕಿಸ್ತಾನ ಪ್ರಾಯೋಜಿತ ಭಯೋತ್ಪಾದಕರು ನಡೆಸಿದ ದಾಳಿಗೆ ಪ್ರತೀಕಾರವಾಗಿ ಭಾರತ ಸಿಂಧೂರ ಕಾರ್ಯಾಚರಣೆ ನಡೆಸಿತ್ತು. ನಂತರ, ಅಪ್ಘಾನಿಸ್ತಾನವು ಕುನಾರ್ ನದಿಗೆ ಸಾಧ್ಯವಾದಷ್ಟು ಬೇಗ ಅಣೆಕಟ್ಟುಗಳನ್ನು ನಿರ್ಮಿಸುವ ಯೋಜನೆಯನ್ನು ಘೋಷಿಸಿದೆ.
ಇದು ಪಾಕಿಸ್ತಾನಕ್ಕೆ ಸಮಸ್ಯೆಯನ್ನು ಸೃಷ್ಟಿಸುವುದು ಎಂದು ಹೇಳಲಾಗುತ್ತಿದೆ.
ಕಾರಣ ಬಹಿರಂಗ
ಭಾರತದೊಂದಿಗಿನ ಯುದ್ಧದಿಂದ ಪಾಕಿಸ್ತಾನ ಯಾವುದೇ ಪ್ರಯೋಜನ ಪಡೆಯುತ್ತಿಲ್ಲ. ಭಾರತದ ಮೇಲೆ ಪಾಕಿಸ್ತಾನ ದಾಳಿ ಮಾಡಿದರೆ ಪಾಕಿಸ್ತಾನಿಗಳು ಸೋಲುತ್ತಾರೆ. ನಾನು ಪರಮಾಣು ಶಸ್ತ್ರಗಳ ಬಗ್ಗೆ ಮಾತನಾಡುತ್ತಿಲ್ಲ, ನಾನು ಸಾಂಪ್ರದಾಯಿಕ ಯುದ್ಧದ ಬಗ್ಗೆ ಮಾತ್ರ ಮಾತನಾಡುತ್ತಿದ್ದೇನೆ. ಪಾಕಿಸ್ತಾನ ನಿರಂತರವಾಗಿ ಭಾರತೀಯರನ್ನು ಪ್ರಚೋದಿಸುವುದರಿಂದ ಯಾವುದೇ ಪ್ರಯೋಜನವಿಲ್ಲ ಎಂದು ಹೇಳಿದ್ದಾರೆ. 2016ರಲ್ಲಿ ಸರ್ಜಿಕಲ್ ಸ್ಟ್ರೈಕ್, 2019ರಲ್ಲಿ ಬಾಲಾಕೋಟ್ ದಾಳಿ ಹಾಗೂ ಈ ವರ್ಷ ಆಪರೇಷನ್ ಸಿಂಧೂರ ಕಾರ್ಯಾಚರಣೆ ನಡೆಸಲಾಗಿದೆ. ಇದನ್ನು 2001 ಸಂಸತ್ ದಾಳಿ ನಂತರ, ಅಮೆರಿಕ ಪಾಕ್ ಮಾಜಿ ಅಧ್ಯಕ್ಷ ಮುಷರಫ್ ಅವರ ಭದ್ರತೆ ಕಾರಣದಿಂದ ಹಾಗೆಯೇ ಇದ್ದರು.
ಮೊದಲನೇ ಪುಟದಿಂದ...
ನಿಯಂತ್ರಿಸುತ್ತಿದೆ. ಹಾಗೂ ಅಂದಿನ ಪಾಕ್ ಪ್ರಧಾನಿ ಮುಷರಫ್ ನಿಯಂತ್ರಣವನ್ನು ಅಮೆರಿಕಕ್ಕೆ ವಹಿಸಿದ್ದರು. ಆ ಸಮಯದಲ್ಲಿ ಸಿಐಎ ಅಧಿಕಾರಿಯಾಗಿ ಕೆಲಸ ಮಾಡುತ್ತಿದ್ದ ಜಾನ್ ಕಿರಿಯಾಕೌ ಹೇಳಿದ್ದಾರೆ.
ಪರಮಾಣು ಬಾಂಬ್ ವಿನ್ಯಾಸಗಾರ ಅಬ್ದುಲ್ ಖದೀರ್ ಖಾನ್ ಹತ್ಯೆಗೆ ಅಮೆರಿಕ ನಿರ್ಧಾರ: ಪಾಕಿಸ್ತಾನದ ಪರಮಾಣು ಬಾಂಬ್ ವಿನ್ಯಾಸಗೊಳಿಸಿದ ಅಬ್ದುಲ್ ಖದೀರ್ ಖಾನ್ ನ್ನು ಅಮೆರಿಕ ಕೊಲ್ಲಬಹುದಿತ್ತು. ಆದರೆ ಸೌದಿ ಅರೇಬಿಯಾದ ಕೋರಿಕೆಯ ಮೇರೆಗೆ ಕೈಬಿಡಲಾಯಿತು ಎಂದು ಕಿರಿಯಾಕೌ ಹೇಳಿದ್ದಾರೆ. ಇದನ್ನು ಹತ್ಯೆ ಮಾಡುವುದು ಸುಲಭವಾಗಿತ್ತು. ಆದರೆ ಸೌದಿ ಸರ್ಕಾರವು ಅವರನ್ನು ರಕ್ಷಿಸಿತು ಎಂದು ಹೇಳಿದ್ದಾರೆ.
3 ಪಟ್ಟು ಹೆಚ್ಚಳ
ಎರಡು ತಿಂಗಳ ಹಿಂದೆ ಆರು ನೂರು, ಏಳು ನೂರು ಬರ್ತಿದ್ದ ಬಿಲ್, ಈ ತಿಂಗಳು 2 ಸಾವಿರದಿಂದ ನಾಲ್ಕು ಸಾವಿರ ಬಿಲ್ ಬಂದಿದೆ. ಬಿಲ್ ನೀಡಲು ಜಲಮಂಡಳಿ ದಿನಾಂಕವನ್ನ ನಿಗದಿ ಮಾಡಲಾಗಿರುತ್ತೆ. ಆ ದಿನಾಂಕ ಮುಗಿದ ಬಳಿಕ ಸಿಬ್ಬಂದಿ ಬಿಲ್ ಕೊಡ್ತಿದ್ದಾರೆ. ಇದರಿಂದ ಗ್ರಾಹಕರು ಬಳಸಿದ ನೀರಿನ ಪ್ರಮಾಣಕ್ಕಿಂತ ಹೆಚ್ಚು ಬಿಲ್ ಬರುತ್ತಿದೆ. ಇದರ ಜೊತೆ ಮೀಟರ್ ರೀಡಿಂಗ್ ಸರಿಯಾಗಿ ಮಾಡುತ್ತಿಲ್ಲ. ಜಲಮಂಡಳಿ ಬಿಲ್‌ನಲ್ಲಿ ಹೆಚ್ಚು ಹಣ ಬರುತ್ತಿದೆ. ಇದರ ಬಗ್ಗೆ ಕ್ರಮ ಕೈಗೊಳ್ಳಬೇಕು ಎಂದು ಮನವಿ ಮಾಡಿದ್ದಾರೆ.
ಅಧಿಕಾರಿಗಳು ಸ್ಪಷ್ಟನೆ ನೀಡಬೇಕಿದೆ.
ಪ್ರಕಾಶ್ ಬೆಳವಾಡಿ ಅರ್ಜಿ
ಯೋಜನೆಯಿಂದಾಗಿ ತೆರವುಗೊಳ್ಳುವ ಮರಗಳನ್ನು ಕಡಿಯುವ ಪ್ರಸ್ತಾವನೆಗೆ ಮಂಜೂರಾತಿ ನೀಡಿದ್ದ ಮರಗಳ ಪ್ರಾಧಿಕಾರದ ಆದೇಶವನ್ನು ರದ್ದುಪಡಿಸಬೇಕು. ಸುರಂಗ ಮಾರ್ಗದ ಯೋಜನೆಗೆ ಹೈಕೋರ್ಟ್ ಮಧ್ಯಂತರ ತಡೆ ನೀಡಬೇಕು ಎಂದು ಕೋರಲಾಗಿದೆ. ಭಾರತೀಯ ಭೂವೈಜ್ಞಾನಿಕ ಸರ್ವೇಕ್ಷಣಾ ಇಲಾಖೆಯಿಂದಲೂ ಅಭಿಪ್ರಾಯ ಕೇಳಿದ ಕೋರ್ಟ್, ನಂತರ ಮುಂದಿನ ವಿಚಾರಣೆಯನ್ನು ಅಕ್ಟೋಬರ್ 28ರಂದು ಮುಂದೂಡಿದೆ.
ಬ್ರಿಡ್ಜ್ ನಿರ್ಮಾಣ
ರಸ್ತೆ ಕಡಿತವಾಗುವ ಹಿನ್ನೆಲೆ ಈ ಭಾಗದ ಜನರ ಓಡಾಡಕ್ಕೆ ತೊಂದರೆಯಾಗುತ್ತಿದೆ. ಇದಕ್ಕೆ ಶಾಶ್ವತ ಪರಿಹಾರ ಒದಗಿಸುವ ನಿಟ್ಟಿನಲ್ಲಿ ಸರ್ಕಾರ ಕ್ರಮ ಕೈಗೊಂಡಿದೆ. ಹಾರಂಗಿ, ಯಡವನಾಡು, ಹುದುಗೂರು ಮತ್ತಿತರ ಗ್ರಾಮಗಳ ಜನರು ಈ ಸೇತುವೆ ಮೂಲಕ ಸಂಚರಿಸುತ್ತಾರೆ. ಜಲಾಶಯದಿಂದ 14 ಸಾವಿರ ಕ್ಯೂಸೆಕ್ ನೀರು ಹರಿಸಿದಾಗ ಸೇತುವೆ ಮುಳುಗಡೆಯಾಗುತ್ತದೆ. ಹೊಸ ಸೇತುವೆ ನಿರ್ಮಾಣಕ್ಕೆ ಸಿದ್ಧವಾಗಿದೆ. ಒಟ್ಟಿನಲ್ಲಿ ಪ್ರತಿ ಮಳೆಗಾಲ ಬಂದರೆ ಸಾಕು ಹಾರಂಗಿ ಜಲಾಶಯದ ಸುತ್ತಮುತ್ತಲಿನ ಹತ್ತಾರು ಹಳ್ಳಿಗಳ ಜನರು ದಿಗ್ಬಂಧನಕ್ಕೆ ಒಳಗಾಗುತ್ತಿದ್ರು. ಇದೀಗಾ ನೂತನ ಸೇತುವೆ ನಿರ್ಮಾಣಕ್ಕೆ ಸರ್ಕಾರ ಅಸ್ತು ಎಂದಿರುವುದರಿಂದ ಗ್ರಾಮೀಣ ಭಾಗದ ಜನರು ಅದಷ್ಟು ಬೇಗಾ ಕಾಮಗಾರಿ ನಡೆಸಿ ನಿರ್ಭಯವಾಗಿ ಓಡಾಟ ನಡೆಸಲು ಅವಕಾಶ ಮಾಡಿಕೊಡಬೇಕು ಎಂದು ಮನವಿ ಮಾಡಿದ್ದಾರೆ.
ಅವಘಡ
ಅದುಗೆ ಎಣ್ಣೆ ತುಪ್ಪ ಇದ್ದ ಕಾರಣ ಅಂಗಡಿ ಹೊತ್ತಿ ಉರಿದಿದೆ.
ಗಿರಿನಗರ ಪೊಲೀಸ್ ಠಾಣಾ ವ್ಯಾಪ್ತಿಯಲ್ಲಿ ಈ ಘಟನೆ ನಡೆದಿದೆ.
ಬೆಂಗಳೂರು ಯೂನಿಯನ್ ಸ್ಟೋರ್ ಕಾರಣ: ಶಂಭುಲಿಂಗ ಎಂಬುವರಿಗೆ ಸೇರಿದ ಧನಲಕ್ಷ್ಮಿ ಡಿಪಾರ್ಟ್‌ಮೆಂಟಲ್ ಸ್ಟೋರ್ ಸುಟ್ಟು ಕರಕಲಾಗಿದೆ. ಎರಡು ಅಂತಸ್ತಿನ ಕಟ್ಟಡದಲ್ಲಿ ಬೆಂಕಿ ಕಾಣಿಸಿಕೊಂಡಿತ್ತು.
ಮೊದಲ ಫ್ಲೋರ್ ಪರ್ತಿಕ ಸುಟ್ಟು ಬೆಂಕಿ: ಗ್ರೌಂಡ್ ಫ್ಲೋರ್‌ನಲ್ಲಿ ಯೂನಿಯನ್ ಸ್ಟೋರ್ ಇದ್ದು, ಮೊದಲ ಫ್ಲೋರ್ ವರೆಗೂ ಬೆಂಕಿ ವ್ಯಾಪಿಸಿದೆ. ಅಗ್ನಿಶಾಮಕ ದಳ ಸ್ಥಳಕ್ಕೆ ಆಗಮಿಸಿ ಬೆಂಕಿ ನಂದಿಸಿದೆ.
ನಕಲಿ
ಪಕೀರರ ಶವ ಹೂತಿದ್ದೀರಾ? ಎಂದು ಪ್ರಶ್ನಿಸಿದ್ದಾರೆ. ಈ ಮಾಹಿತಿಗೆ ಇನಾಂ ದತ್ತಾತ್ರೇಯ ಪೀಠ ಗ್ರಾಮ ಪಂಚಾಯಿತಿ ಯಾವುದೇ ಮಾಹಿತಿ ಗ್ರಾಮ ಪಂಚಾಯಿತಿಯಲ್ಲಿ ಇಲ್ಲ ಎಂದು ಹಿಂಬರಹ ನೀಡಿದಾರೆ. ಇದು ಬಿಜೆಪಿಗರು ಇಷ್ಟು ವರ್ಷ ಹೇಳುತ್ತಿದ್ದ ಮಾತಿಗೆ ಪುಷ್ಟಿ ನೀಡಿದೆ. ಗ್ರಾಮ ಪಂಚಾಯಿತಿ ಅಧ್ಯಕ್ಷರು ದತ್ತಪೀಠದಲ್ಲಿ ಯಾವುದೇ ಮುಸ್ಲಿಮರ ಗೋರಿಗಳಿಲ್ಲ ಎಂದಿದ್ದಾರೆ. ಧಾರ್ಮಿಕ ಶ್ರದ್ಧಾ ಕೇಂದ್ರವಾಗಿಯೇ ಇದ್ದು ಅಲ್ಲಿ ಯಾವುದೇ ಮುಸ್ಲಿಮರ ಕುರುಹುಗಳಿಲ್ಲ. ಹಾಗಾಗಿ, ದತ್ತಪೀಠವನ್ನು ಮುಸ್ಲಿಂ ಮುಕ್ತವನ್ನಾಗಿಸಿ ಸಂಪೂರ್ಣವಾಗಿ ಹಿಂದುಗಳಿಗೆ ಒಪ್ಪಿಸಬೇಕೆಂದು ಆಗ್ರಹಿಸಿದ್ದಾರೆ. 30 ವರ್ಷದ ದತ್ತಪೀಠದ ವಿವಾದ-ಹೋರಾಟ ಈಗ ಮತ್ತೊಂದು ರೂಪ ಪಡೆದುಕೊಳ್ಳುವ ಸಾಧ್ಯತೆ ಇದೆ. ಗ್ರಾಮ ಪಂಚಾಯಿತಿ ಅಲ್ಲಿನ ಗೋರಿಗಳ ಬಗ್ಗೆ ನಮಲ್ಲಿ ಯಾವುದೇ ಮಾಹಿತಿ ಇಲ್ಲ ಎಂದಿರುವುದು ಹಿಂದೂ ಸಂಘಟನೆಗಳ ಆರೋಪಕ್ಕೆ ಪುಷ್ಟಿ ನೀಡಿದೆ. ಇದು ಬದುಕಲ್ಲೇ ಅತ್ಯೊಂದು ಎರಡು ಧರ್ಮದವರಿಗೂ ಕುತೂಹಲ ಮೂಡಿಸಿದೆ.
